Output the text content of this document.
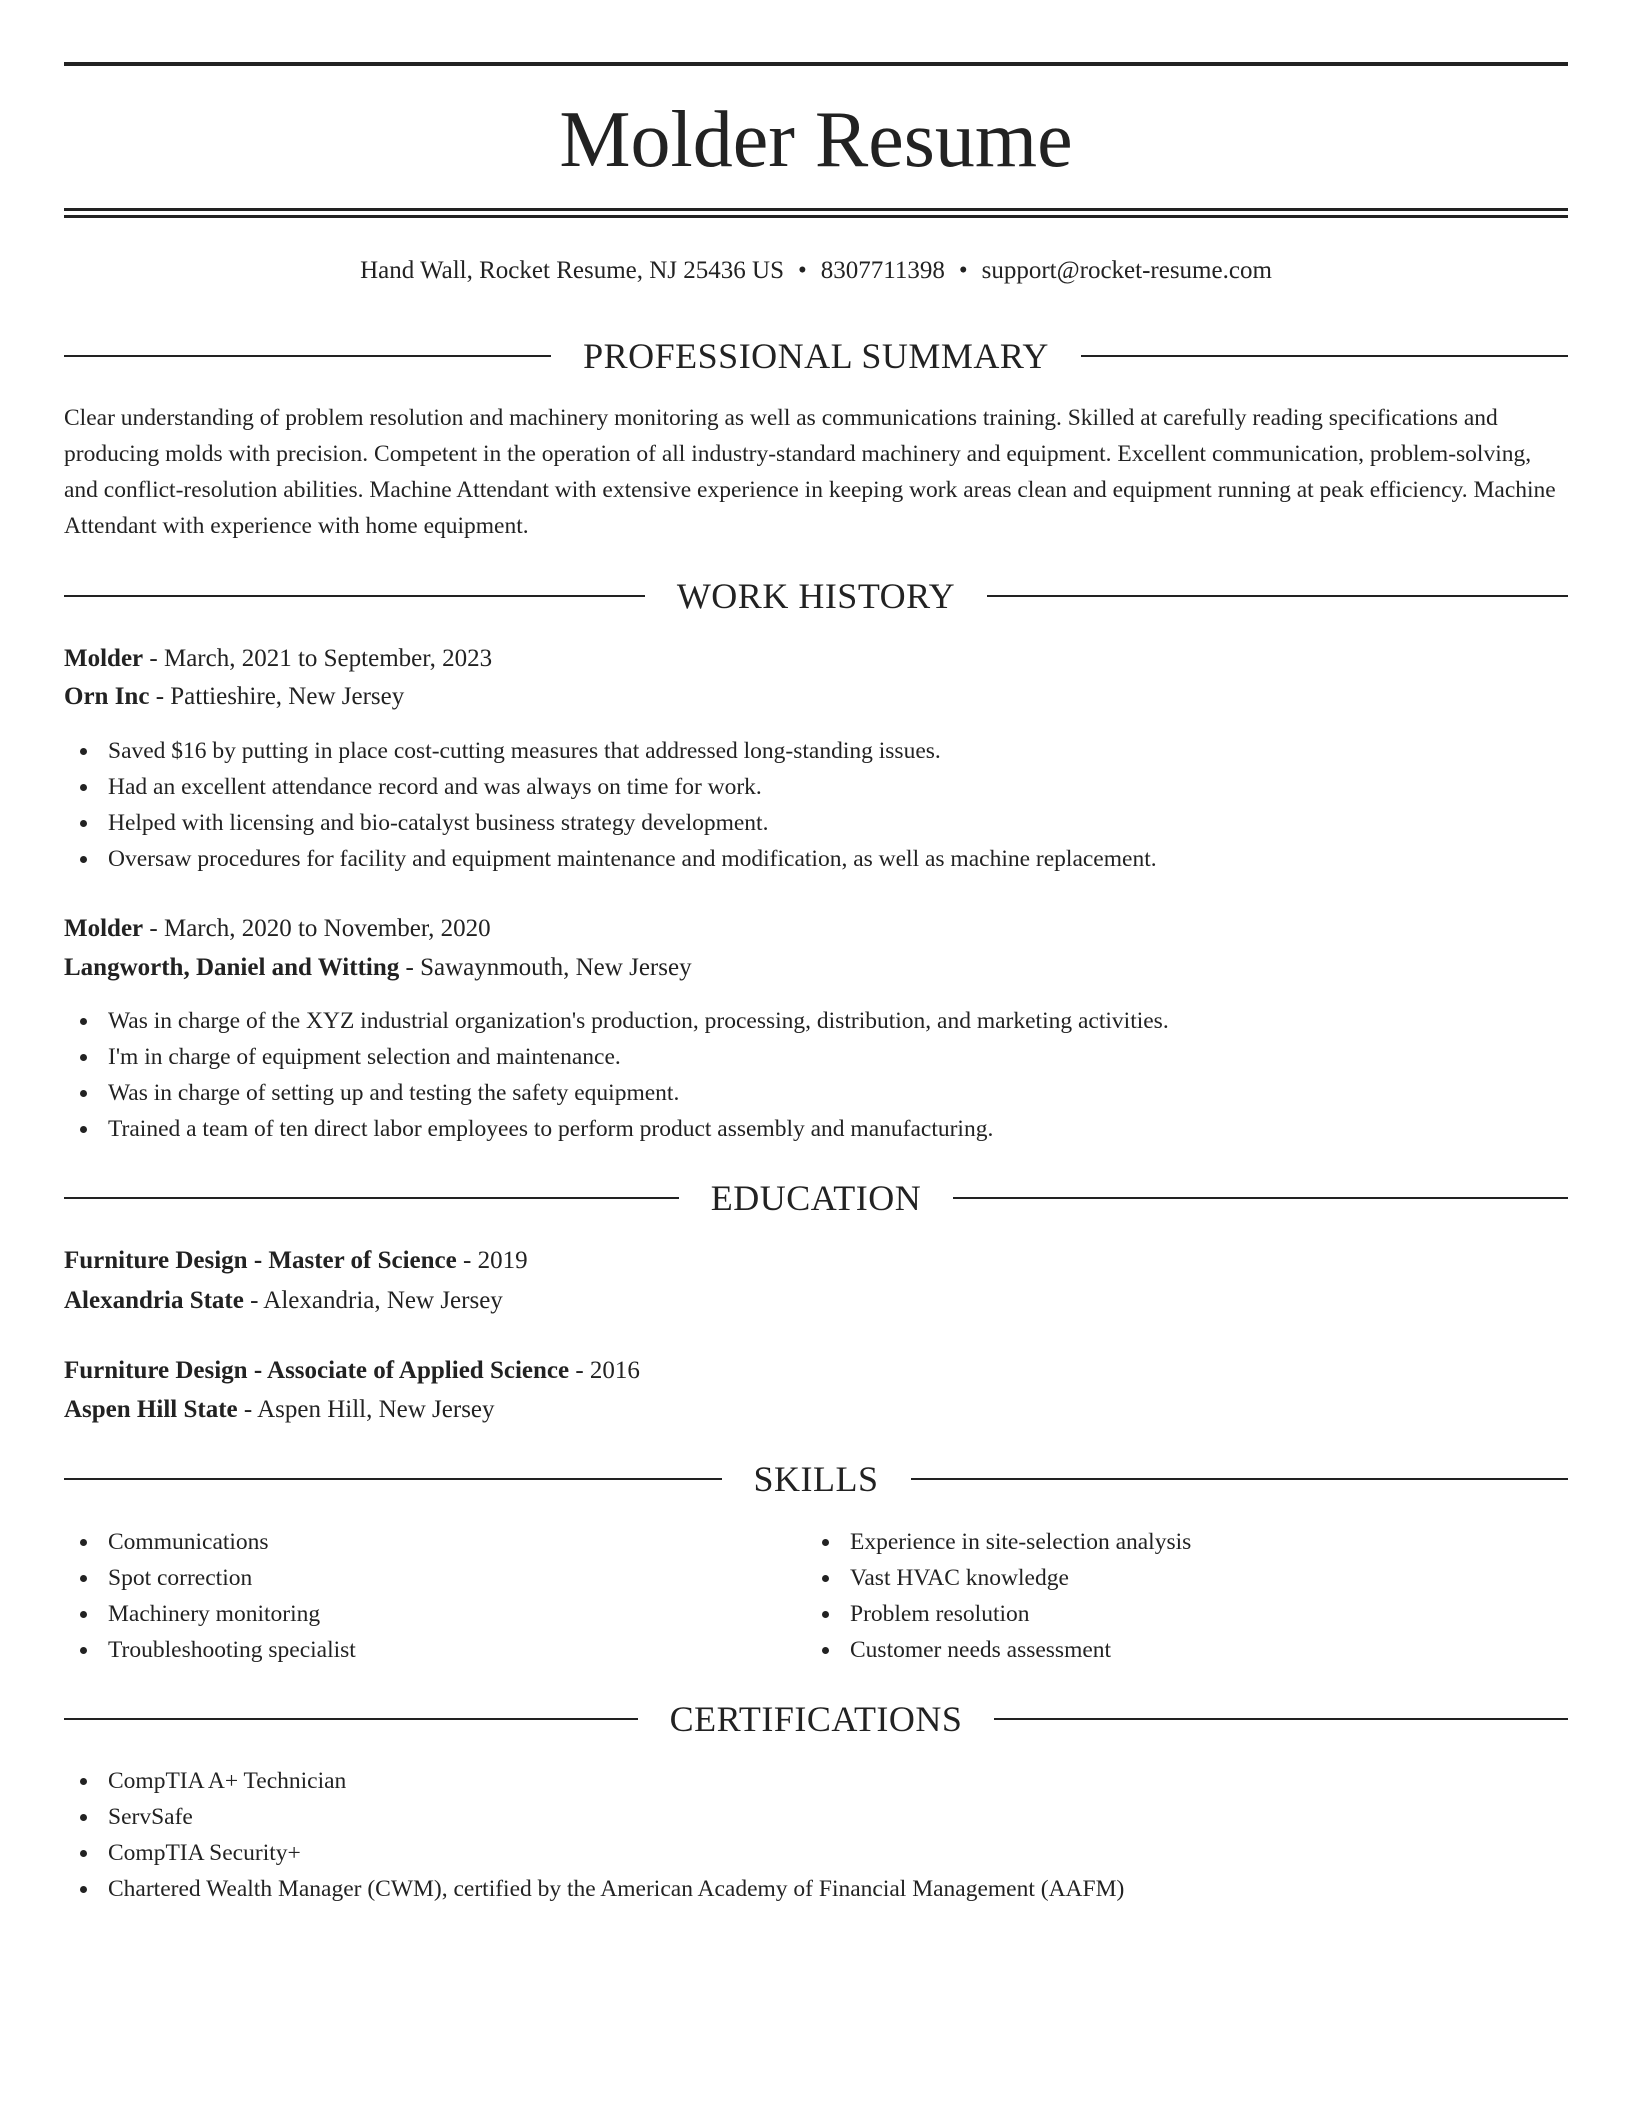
Molder Resume
Hand Wall, Rocket Resume, NJ 25436 US • 8307711398 • support@rocket-resume.com
PROFESSIONAL SUMMARY
Clear understanding of problem resolution and machinery monitoring as well as communications training. Skilled at carefully reading specifications and producing molds with precision. Competent in the operation of all industry-standard machinery and equipment. Excellent communication, problem-solving, and conflict-resolution abilities. Machine Attendant with extensive experience in keeping work areas clean and equipment running at peak efficiency. Machine Attendant with experience with home equipment.
WORK HISTORY
Molder - March, 2021 to September, 2023
Orn Inc - Pattieshire, New Jersey
Saved $16 by putting in place cost-cutting measures that addressed long-standing issues.
Had an excellent attendance record and was always on time for work.
Helped with licensing and bio-catalyst business strategy development.
Oversaw procedures for facility and equipment maintenance and modification, as well as machine replacement.
Molder - March, 2020 to November, 2020
Langworth, Daniel and Witting - Sawaynmouth, New Jersey
Was in charge of the XYZ industrial organization's production, processing, distribution, and marketing activities.
I'm in charge of equipment selection and maintenance.
Was in charge of setting up and testing the safety equipment.
Trained a team of ten direct labor employees to perform product assembly and manufacturing.
EDUCATION
Furniture Design - Master of Science - 2019
Alexandria State - Alexandria, New Jersey
Furniture Design - Associate of Applied Science - 2016
Aspen Hill State - Aspen Hill, New Jersey
SKILLS
Communications
Spot correction
Machinery monitoring
Troubleshooting specialist
Experience in site-selection analysis
Vast HVAC knowledge
Problem resolution
Customer needs assessment
CERTIFICATIONS
CompTIA A+ Technician
ServSafe
CompTIA Security+
Chartered Wealth Manager (CWM), certified by the American Academy of Financial Management (AAFM)
